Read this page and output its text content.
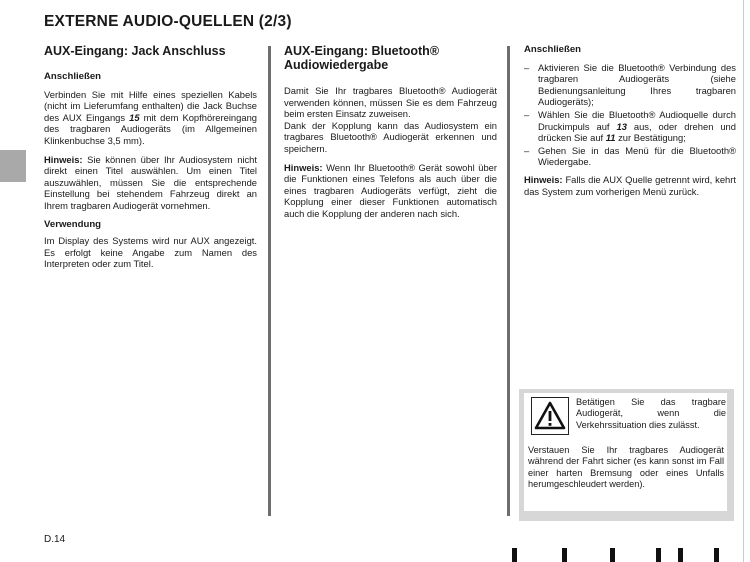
EXTERNE AUDIO-QUELLEN (2/3)
AUX-Eingang: Jack Anschluss
Anschließen

Verbinden Sie mit Hilfe eines speziellen Kabels (nicht im Lieferumfang enthalten) die Jack Buchse des AUX Eingangs 15 mit dem Kopfhörereingang des tragbaren Audiogeräts (im Allgemeinen Klinkenbuchse 3,5 mm).

Hinweis: Sie können über Ihr Audiosystem nicht direkt einen Titel auswählen. Um einen Titel auszuwählen, müssen Sie die entsprechende Einstellung bei stehendem Fahrzeug direkt an Ihrem tragbaren Audiogerät vornehmen.

Verwendung

Im Display des Systems wird nur AUX angezeigt. Es erfolgt keine Angabe zum Namen des Interpreten oder zum Titel.

AUX-Eingang: Bluetooth® Audiowiedergabe

Damit Sie Ihr tragbares Bluetooth® Audiogerät verwenden können, müssen Sie es dem Fahrzeug beim ersten Einsatz zuweisen.

Dank der Kopplung kann das Audiosystem ein tragbares Bluetooth® Audiogerät erkennen und speichern.

Hinweis: Wenn Ihr Bluetooth® Gerät sowohl über die Funktionen eines Telefons als auch über die eines tragbaren Audiogeräts verfügt, zieht die Kopplung einer dieser Funktionen automatisch auch die Kopplung der anderen nach sich.

Anschließen
– Aktivieren Sie die Bluetooth® Verbindung des tragbaren Audiogeräts (siehe Bedienungsanleitung Ihres tragbaren Audiogeräts);
– Wählen Sie die Bluetooth® Audioquelle durch Druckimpuls auf 13 aus, oder drehen und drücken Sie auf 11 zur Bestätigung;
– Gehen Sie in das Menü für die Bluetooth® Wiedergabe.

Hinweis: Falls die AUX Quelle getrennt wird, kehrt das System zum vorherigen Menü zurück.

Betätigen Sie das tragbare Audiogerät, wenn die Verkehrssituation dies zulässt.
Verstauen Sie Ihr tragbares Audiogerät während der Fahrt sicher (es kann sonst im Fall einer harten Bremsung oder eines Unfalls herumgeschleudert werden).
D.14
